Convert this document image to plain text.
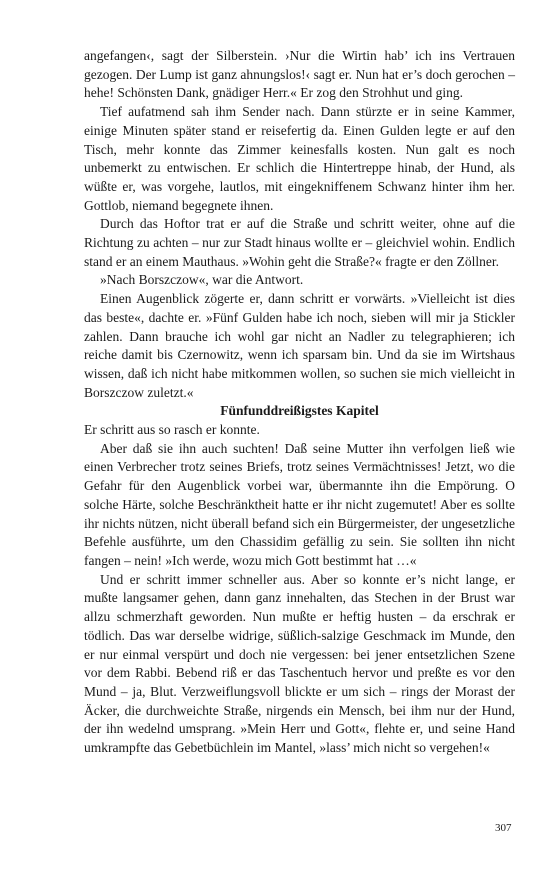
angefangen‹, sagt der Silberstein. ›Nur die Wirtin hab’ ich ins Vertrauen gezogen. Der Lump ist ganz ahnungslos!‹ sagt er. Nun hat er’s doch gerochen – hehe! Schönsten Dank, gnädiger Herr.« Er zog den Strohhut und ging.

Tief aufatmend sah ihm Sender nach. Dann stürzte er in seine Kammer, einige Minuten später stand er reisefertig da. Einen Gulden legte er auf den Tisch, mehr konnte das Zimmer keinesfalls kosten. Nun galt es noch unbemerkt zu entwischen. Er schlich die Hintertreppe hinab, der Hund, als wüßte er, was vorgehe, lautlos, mit eingekniffenem Schwanz hinter ihm her. Gottlob, niemand begegnete ihnen.

Durch das Hoftor trat er auf die Straße und schritt weiter, ohne auf die Richtung zu achten – nur zur Stadt hinaus wollte er – gleichviel wohin. Endlich stand er an einem Mauthaus. »Wohin geht die Straße?« fragte er den Zöllner.

»Nach Borszczow«, war die Antwort.

Einen Augenblick zögerte er, dann schritt er vorwärts. »Vielleicht ist dies das beste«, dachte er. »Fünf Gulden habe ich noch, sieben will mir ja Stickler zahlen. Dann brauche ich wohl gar nicht an Nadler zu telegraphieren; ich reiche damit bis Czernowitz, wenn ich sparsam bin. Und da sie im Wirtshaus wissen, daß ich nicht habe mitkommen wollen, so suchen sie mich vielleicht in Borszczow zuletzt.«

Fünfunddreißigstes Kapitel

Er schritt aus so rasch er konnte.

Aber daß sie ihn auch suchten! Daß seine Mutter ihn verfolgen ließ wie einen Verbrecher trotz seines Briefs, trotz seines Vermächtnisses! Jetzt, wo die Gefahr für den Augenblick vorbei war, übermannte ihn die Empörung. O solche Härte, solche Beschränktheit hatte er ihr nicht zugemutet! Aber es sollte ihr nichts nützen, nicht überall befand sich ein Bürgermeister, der ungesetzliche Befehle ausführte, um den Chassidim gefällig zu sein. Sie sollten ihn nicht fangen – nein! »Ich werde, wozu mich Gott bestimmt hat …«

Und er schritt immer schneller aus. Aber so konnte er’s nicht lange, er mußte langsamer gehen, dann ganz innehalten, das Stechen in der Brust war allzu schmerzhaft geworden. Nun mußte er heftig husten – da erschrak er tödlich. Das war derselbe widrige, süßlich-salzige Geschmack im Munde, den er nur einmal verspürt und doch nie vergessen: bei jener entsetzlichen Szene vor dem Rabbi. Bebend riß er das Taschentuch hervor und preßte es vor den Mund – ja, Blut. Verzweiflungsvoll blickte er um sich – rings der Morast der Äcker, die durchweichte Straße, nirgends ein Mensch, bei ihm nur der Hund, der ihn wedelnd umsprang. »Mein Herr und Gott«, flehte er, und seine Hand umkrampfte das Gebetbüchlein im Mantel, »lass’ mich nicht so vergehen!«

307
